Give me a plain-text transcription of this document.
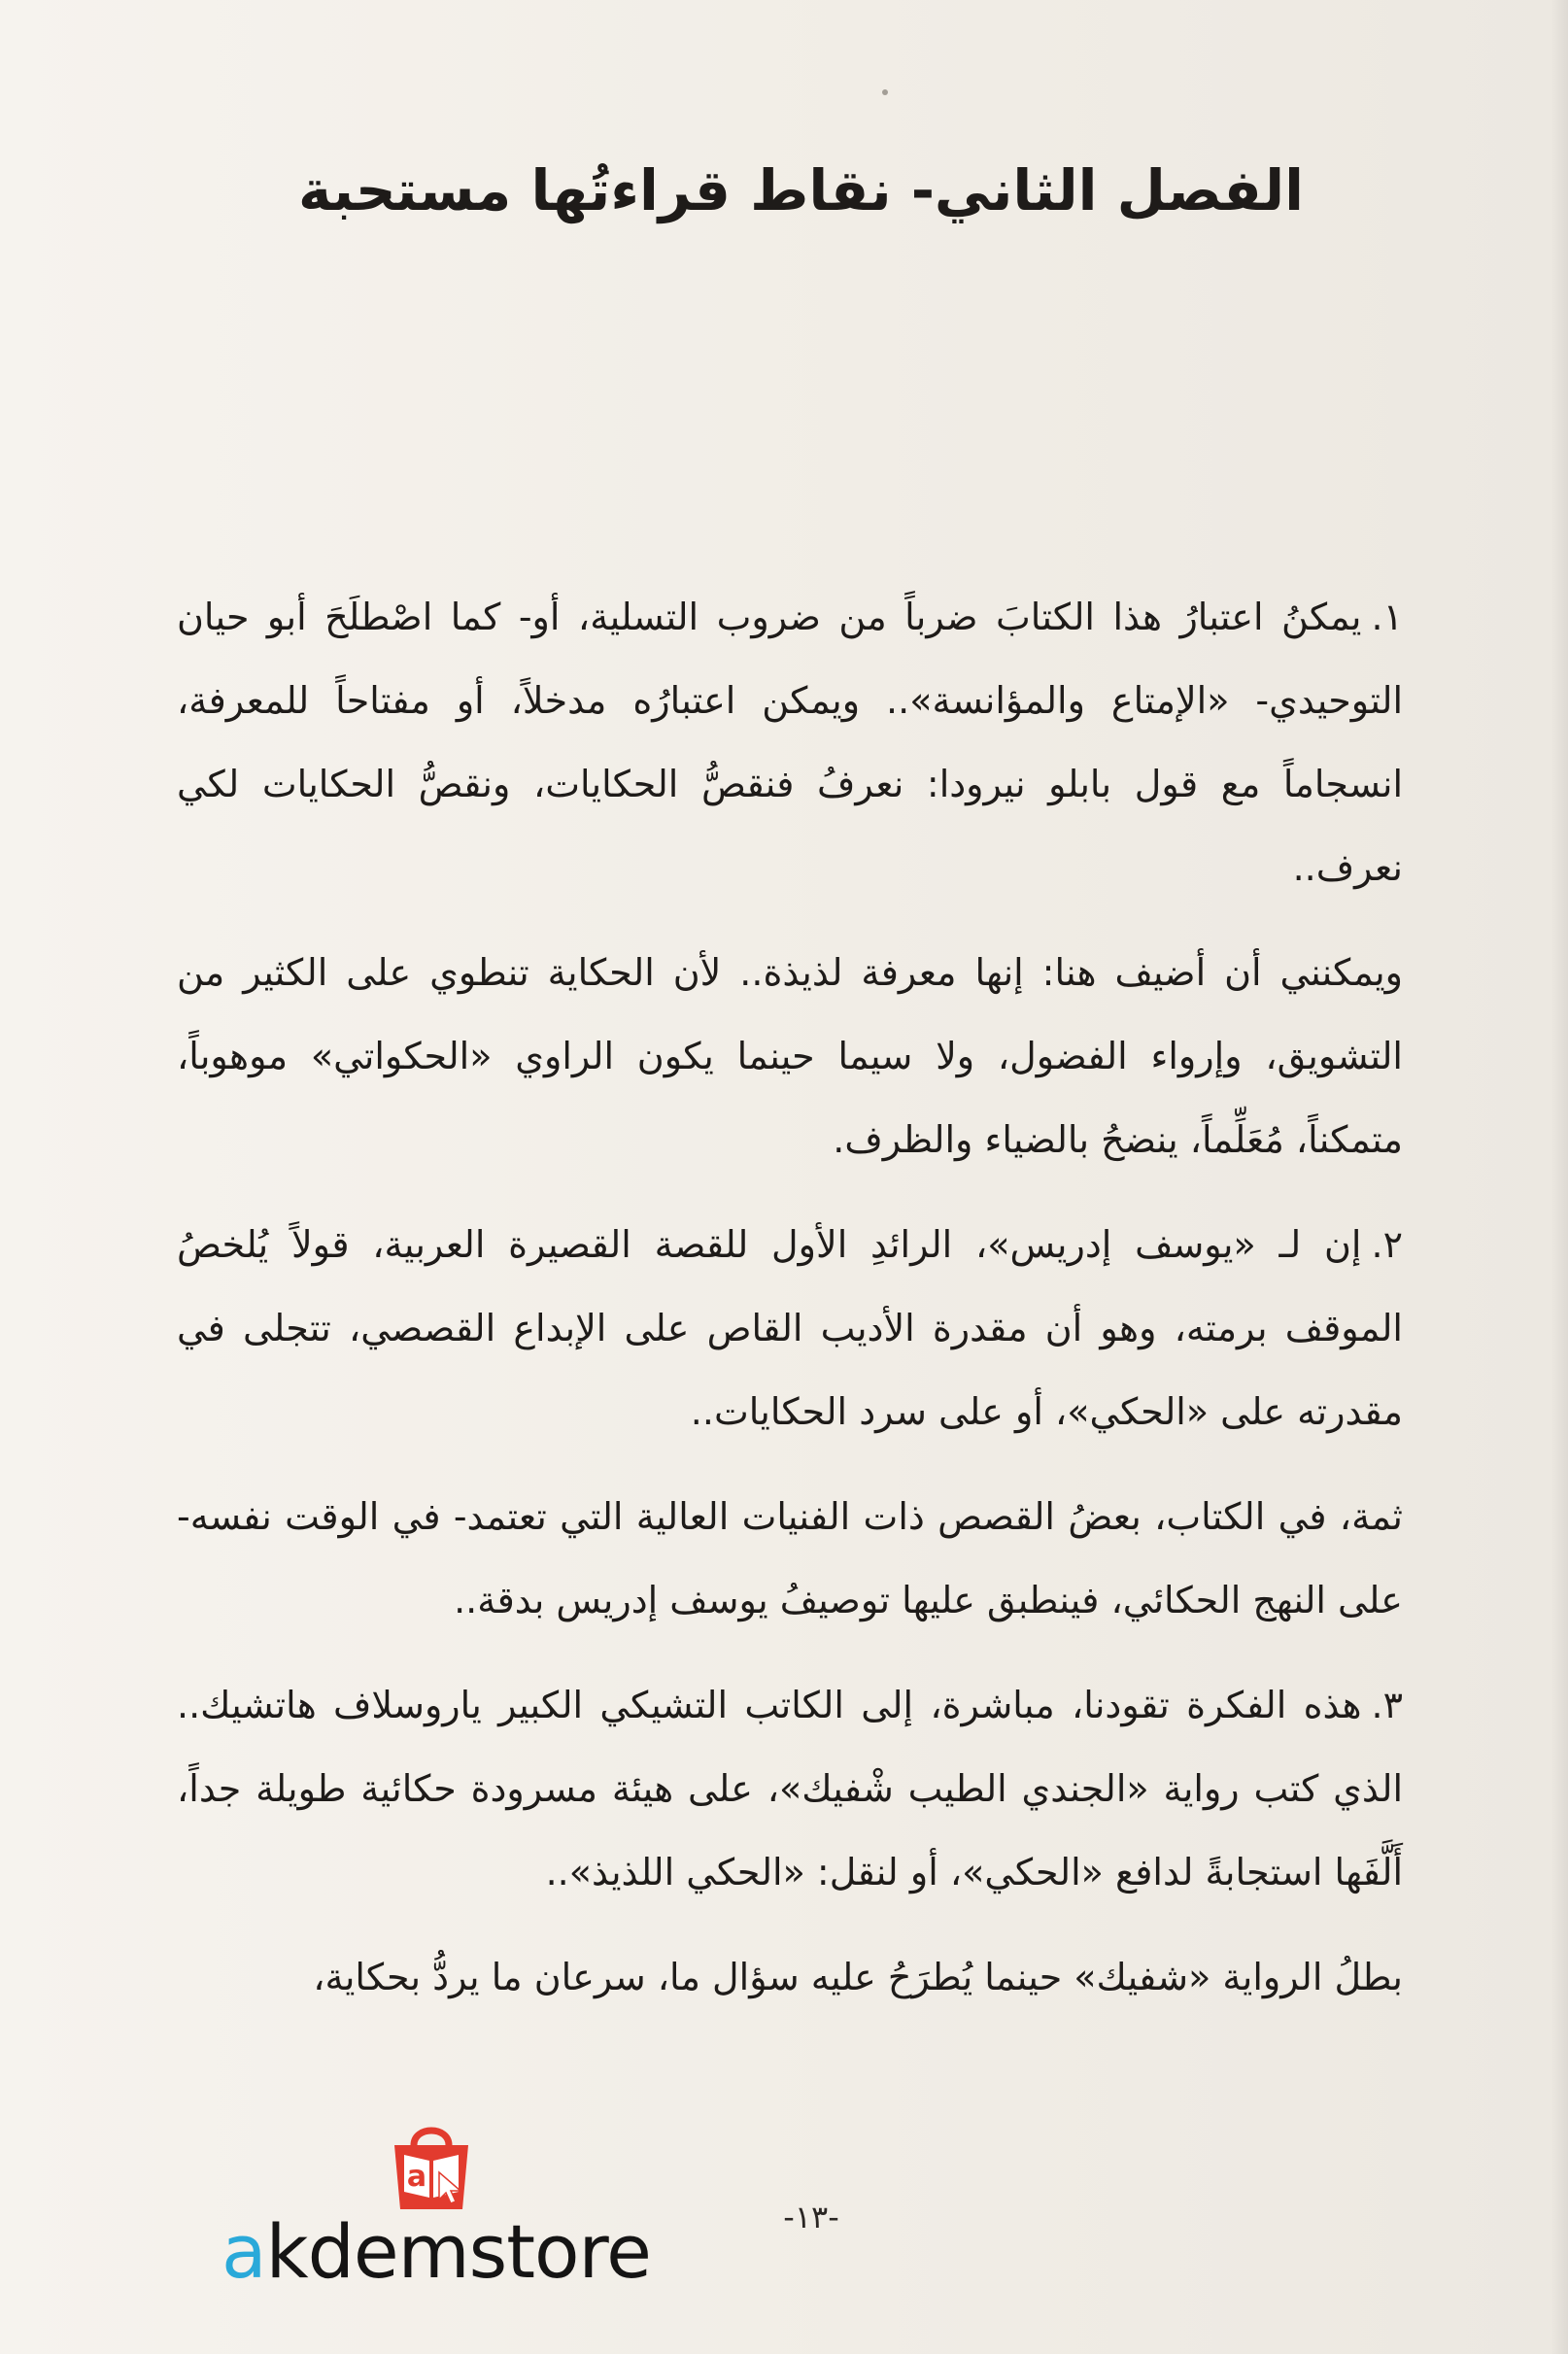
الفصل الثاني- نقاط قراءتُها مستحبة

١.يمكنُ اعتبارُ هذا الكتابَ ضرباً من ضروب التسلية، أو- كما اصْطلَحَ أبو حيان التوحيدي- «الإمتاع والمؤانسة».. ويمكن اعتبارُه مدخلاً، أو مفتاحاً للمعرفة، انسجاماً مع قول بابلو نيرودا: نعرفُ فنقصُّ الحكايات، ونقصُّ الحكايات لكي نعرف..

ويمكنني أن أضيف هنا: إنها معرفة لذيذة.. لأن الحكاية تنطوي على الكثير من التشويق، وإرواء الفضول، ولا سيما حينما يكون الراوي «الحكواتي» موهوباً، متمكناً، مُعَلِّماً، ينضحُ بالضياء والظرف.

٢.إن لـ «يوسف إدريس»، الرائدِ الأول للقصة القصيرة العربية، قولاً يُلخصُ الموقف برمته، وهو أن مقدرة الأديب القاص على الإبداع القصصي، تتجلى في مقدرته على «الحكي»، أو على سرد الحكايات..

ثمة، في الكتاب، بعضُ القصص ذات الفنيات العالية التي تعتمد- في الوقت نفسه- على النهج الحكائي، فينطبق عليها توصيفُ يوسف إدريس بدقة..

٣.هذه الفكرة تقودنا، مباشرة، إلى الكاتب التشيكي الكبير ياروسلاف هاتشيك.. الذي كتب رواية «الجندي الطيب شْفيك»، على هيئة مسرودة حكائية طويلة جداً، أَلَّفَها استجابةً لدافع «الحكي»، أو لنقل: «الحكي اللذيذ»..

بطلُ الرواية «شفيك» حينما يُطرَحُ عليه سؤال ما، سرعان ما يردُّ بحكاية،

-١٣-
a
akdemstore
